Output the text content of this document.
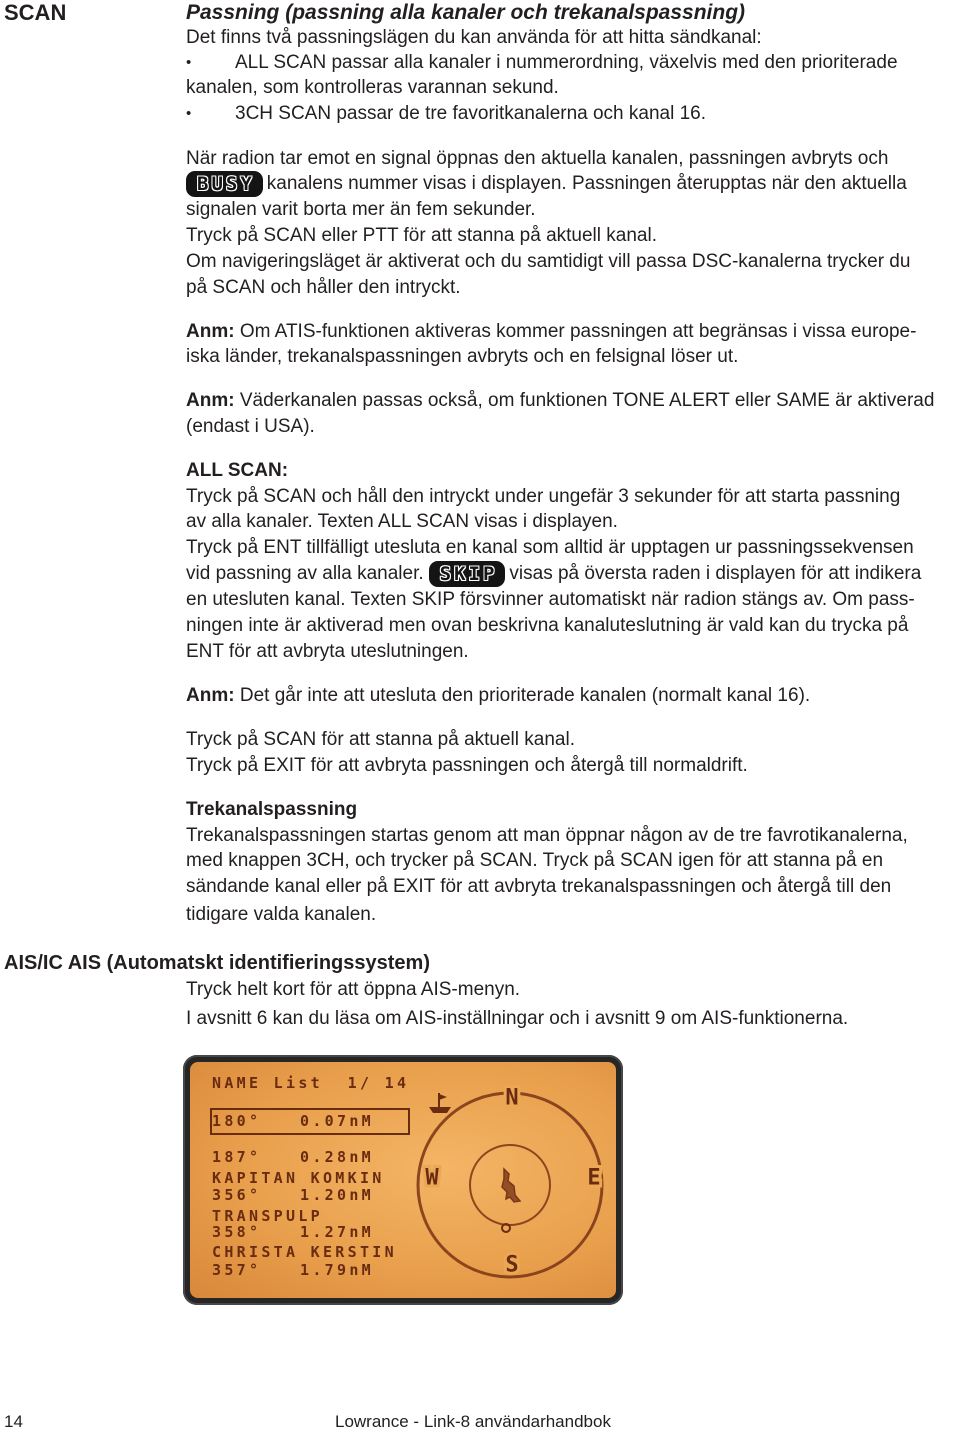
SCAN	Passning (passning alla kanaler och trekanalspassning)
Det finns två passningslägen du kan använda för att hitta sändkanal:
• ALL SCAN passar alla kanaler i nummerordning, växelvis med den prioriterade
kanalen, som kontrolleras varannan sekund.
• 3CH SCAN passar de tre favoritkanalerna och kanal 16.
När radion tar emot en signal öppnas den aktuella kanalen, passningen avbryts och
BUSY kanalens nummer visas i displayen. Passningen återupptas när den aktuella
signalen varit borta mer än fem sekunder.
Tryck på SCAN eller PTT för att stanna på aktuell kanal.
Om navigeringsläget är aktiverat och du samtidigt vill passa DSC-kanalerna trycker du
på SCAN och håller den intryckt.
Anm: Om ATIS-funktionen aktiveras kommer passningen att begränsas i vissa europe-
iska länder, trekanalspassningen avbryts och en felsignal löser ut.
Anm: Väderkanalen passas också, om funktionen TONE ALERT eller SAME är aktiverad
(endast i USA).
ALL SCAN:
Tryck på SCAN och håll den intryckt under ungefär 3 sekunder för att starta passning
av alla kanaler. Texten ALL SCAN visas i displayen.
Tryck på ENT tillfälligt utesluta en kanal som alltid är upptagen ur passningssekvensen
vid passning av alla kanaler. SKIP visas på översta raden i displayen för att indikera
en utesluten kanal. Texten SKIP försvinner automatiskt när radion stängs av. Om pass-
ningen inte är aktiverad men ovan beskrivna kanaluteslutning är vald kan du trycka på
ENT för att avbryta uteslutningen.
Anm: Det går inte att utesluta den prioriterade kanalen (normalt kanal 16).
Tryck på SCAN för att stanna på aktuell kanal.
Tryck på EXIT för att avbryta passningen och återgå till normaldrift.
Trekanalspassning
Trekanalspassningen startas genom att man öppnar någon av de tre favrotikanalerna,
med knappen 3CH, och trycker på SCAN. Tryck på SCAN igen för att stanna på en
sändande kanal eller på EXIT för att avbryta trekanalspassningen och återgå till den
tidigare valda kanalen.
AIS/IC AIS (Automatskt identifieringssystem)
Tryck helt kort för att öppna AIS-menyn.
I avsnitt 6 kan du läsa om AIS-inställningar och i avsnitt 9 om AIS-funktionerna.
NAME List  1/ 14
180°	0.07nM
187°	0.28nM
KAPITAN KOMKIN
356°	1.20nM
TRANSPULP
358°	1.27nM
CHRISTA KERSTIN
357°	1.79nM
N
E
S
W
14	Lowrance - Link-8 användarhandbok
